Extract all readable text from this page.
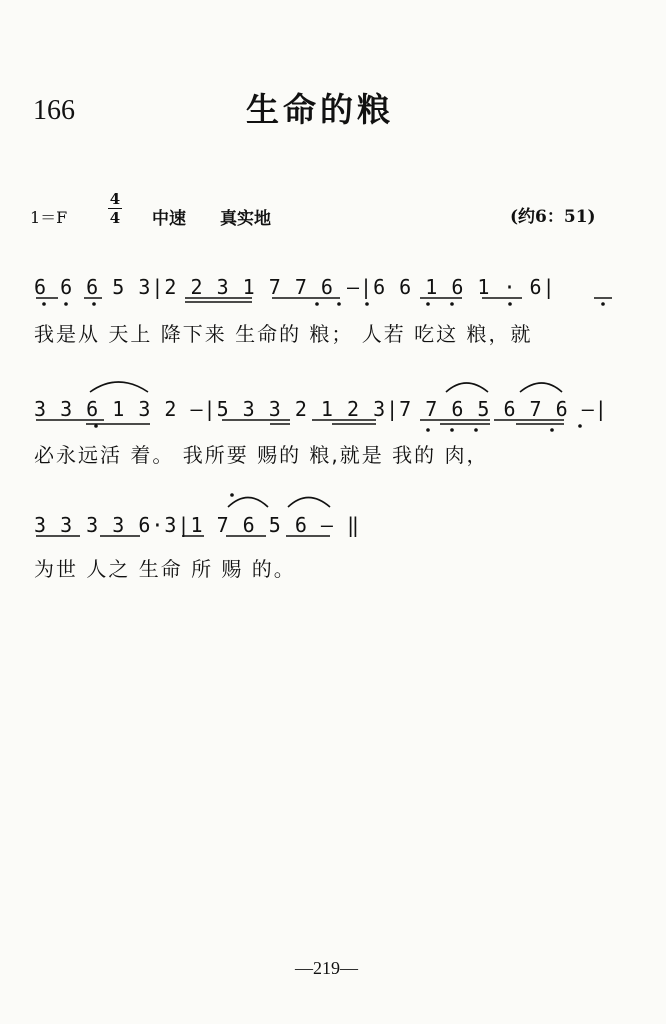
166	生命的粮
1＝F
4
4 中速 真实地	(约6：51)
6 6 6 5 3|2 2 3 1 7 7 6 –|6 6 1 6 1 · 6|
我是从 天上 降下来 生命的 粮； 人若 吃这 粮，就
3 3 6 1 3 2 –|5 3 3 2 1 2 3|7 7 6 5 6 7 6 –|
必永远活 着。 我所要 赐的 粮,就是 我的 肉，
3 3 3 3 6·3|1 7 6 5 6 – ‖
为世 人之 生命 所 赐 的。
—219—
